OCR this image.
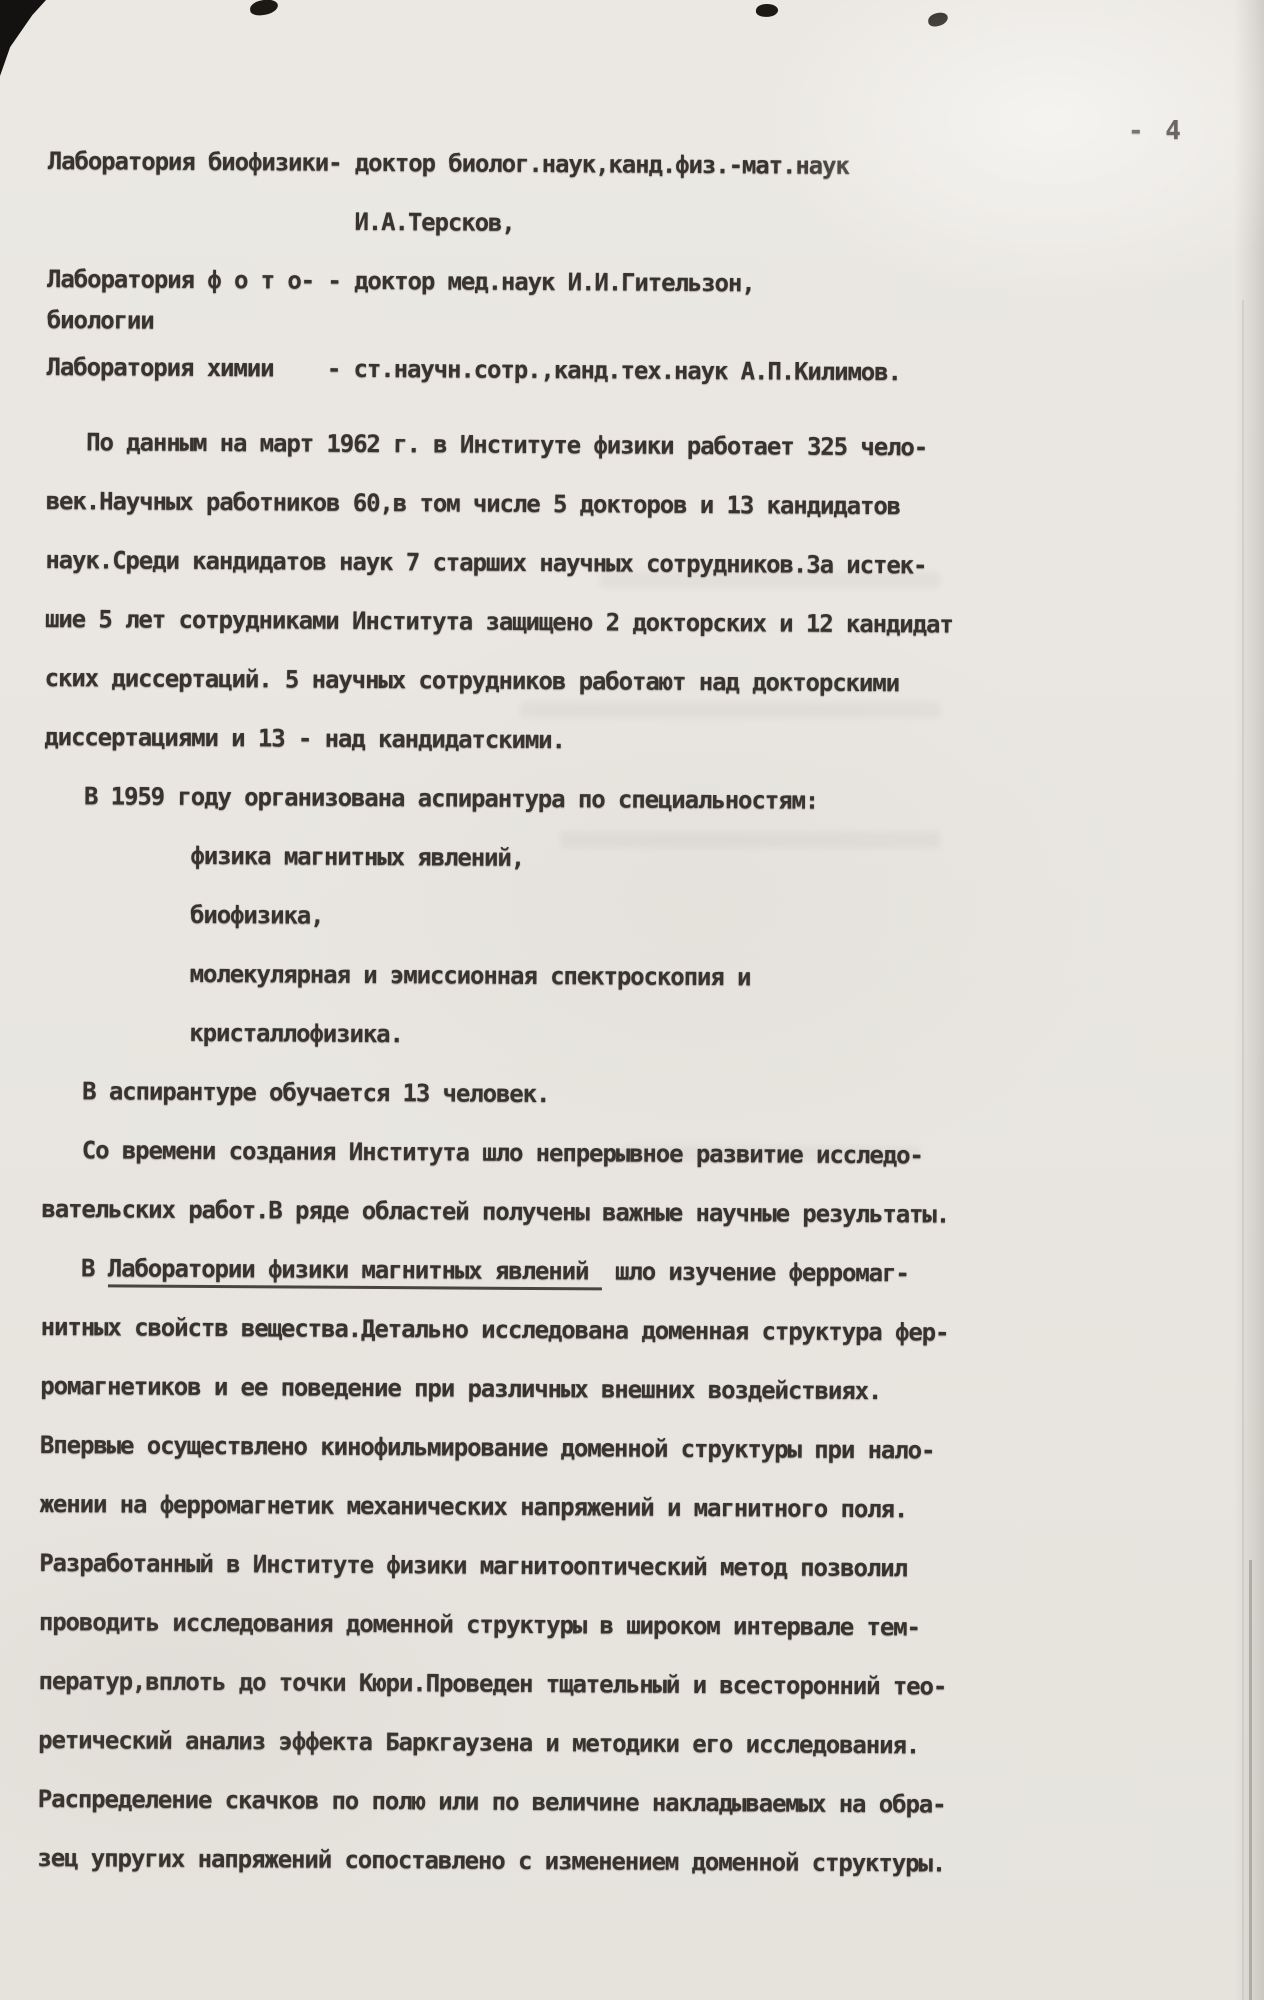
- 4
Лаборатория биофизики- доктор биолог.наук,канд.физ.-мат.наук
И.А.Терсков,
Лаборатория ф о т о- - доктор мед.наук И.И.Гительзон,
биологии
Лаборатория химии    - ст.научн.сотр.,канд.тех.наук А.П.Килимов.
По данным на март 1962 г. в Институте физики работает 325 чело-
век.Научных работников 60,в том числе 5 докторов и 13 кандидатов
наук.Среди кандидатов наук 7 старших научных сотрудников.За истек-
шие 5 лет сотрудниками Института защищено 2 докторских и 12 кандидат
ских диссертаций. 5 научных сотрудников работают над докторскими
диссертациями и 13 - над кандидатскими.
В 1959 году организована аспирантура по специальностям:
физика магнитных явлений,
биофизика,
молекулярная и эмиссионная спектроскопия и
кристаллофизика.
В аспирантуре обучается 13 человек.
Со времени создания Института шло непрерывное развитие исследо-
вательских работ.В ряде областей получены важные научные результаты.
В Лаборатории физики магнитных явлений  шло изучение ферромаг-
нитных свойств вещества.Детально исследована доменная структура фер-
ромагнетиков и ее поведение при различных внешних воздействиях.
Впервые осуществлено кинофильмирование доменной структуры при нало-
жении на ферромагнетик механических напряжений и магнитного поля.
Разработанный в Институте физики магнитооптический метод позволил
проводить исследования доменной структуры в широком интервале тем-
ператур,вплоть до точки Кюри.Проведен тщательный и всесторонний тео-
ретический анализ эффекта Баркгаузена и методики его исследования.
Распределение скачков по полю или по величине накладываемых на обра-
зец упругих напряжений сопоставлено с изменением доменной структуры.
